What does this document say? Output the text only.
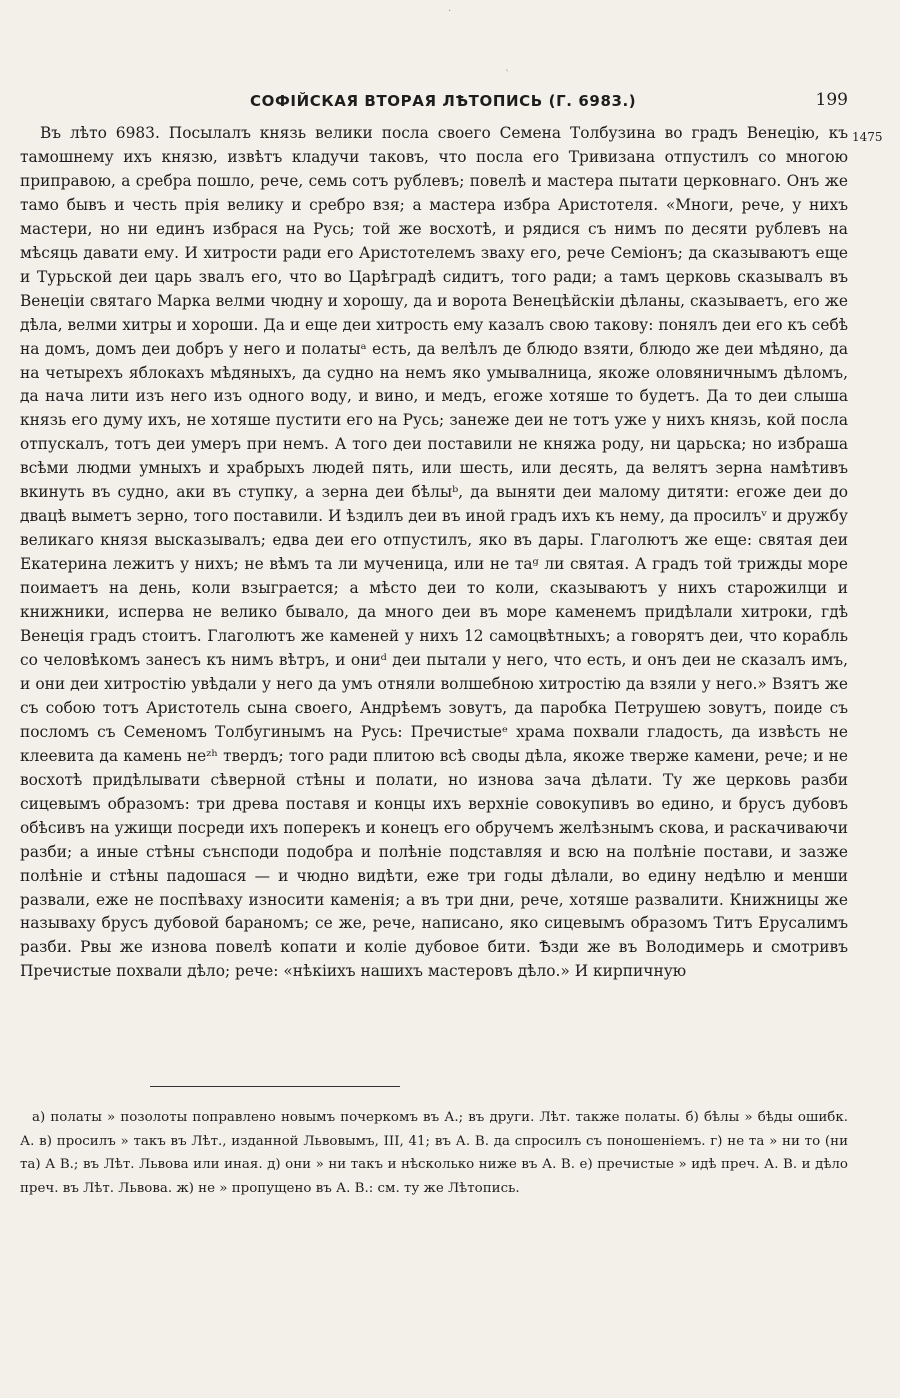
·
ˋ
СОФІЙСКАЯ ВТОРАЯ ЛѢТОПИСЬ (Г. 6983.)	199
1475

Въ лѣто 6983. Посылалъ князь велики посла своего Семена Толбузина во градъ Венецію, къ тамошнему ихъ князю, извѣтъ кладучи таковъ, что посла его Тривизана отпустилъ со многою приправою, а сребра пошло, рече, семь сотъ рублевъ; повелѣ и мастера пытати церковнаго. Онъ же тамо бывъ и честь прія велику и сребро взя; а мастера избра Аристотеля. «Многи, рече, у нихъ мастери, но ни единъ избрася на Русь; той же восхотѣ, и рядися съ нимъ по десяти рублевъ на мѣсяць давати ему. И хитрости ради его Аристотелемъ зваху его, рече Семіонъ; да сказываютъ еще и Турьской деи царь звалъ его, что во Царѣградѣ сидитъ, того ради; а тамъ церковь сказывалъ въ Венеціи святаго Марка велми чюдну и хорошу, да и ворота Венецѣйскіи дѣланы, сказываетъ, его же дѣла, велми хитры и хороши. Да и еще деи хитрость ему казалъ свою такову: понялъ деи его къ себѣ на домъ, домъ деи добръ у него и полатыᵃ есть, да велѣлъ де блюдо взяти, блюдо же деи мѣдяно, да на четырехъ яблокахъ мѣдяныхъ, да судно на немъ яко умывалница, якоже оловяничнымъ дѣломъ, да нача лити изъ него изъ одного воду, и вино, и медъ, егоже хотяше то будетъ. Да то деи слыша князь его думу ихъ, не хотяше пустити его на Русь; занеже деи не тотъ уже у нихъ князь, кой посла отпускалъ, тотъ деи умеръ при немъ. А того деи поставили не княжа роду, ни царьска; но избраша всѣми людми умныхъ и храбрыхъ людей пять, или шесть, или десять, да велятъ зерна намѣтивъ вкинуть въ судно, аки въ ступку, а зерна деи бѣлыᵇ, да выняти деи малому дитяти: егоже деи до двацѣ выметъ зерно, того поставили. И ѣздилъ деи въ иной градъ ихъ къ нему, да просилъᵛ и дружбу великаго князя высказывалъ; едва деи его отпустилъ, яко въ дары. Глаголютъ же еще: святая деи Екатерина лежитъ у нихъ; не вѣмъ та ли мученица, или не таᵍ ли святая. А градъ той трижды море поимаетъ на день, коли взыграется; а мѣсто деи то коли, сказываютъ у нихъ старожилци и книжники, исперва не велико бывало, да много деи въ море каменемъ придѣлали хитроки, гдѣ Венеція градъ стоитъ. Глаголютъ же каменей у нихъ 12 самоцвѣтныхъ; а говорятъ деи, что корабль со человѣкомъ занесъ къ нимъ вѣтръ, и ониᵈ деи пытали у него, что есть, и онъ деи не сказалъ имъ, и они деи хитростію увѣдали у него да умъ отняли волшебною хитростію да взяли у него.» Взятъ же съ собою тотъ Аристотель сына своего, Андрѣемъ зовутъ, да паробка Петрушею зовутъ, поиде съ посломъ съ Семеномъ Толбугинымъ на Русь: Пречистыеᵉ храма похвали гладость, да извѣсть не клеевита да камень неᶻʰ твердъ; того ради плитою всѣ своды дѣла, якоже тверже камени, рече; и не восхотѣ придѣлывати сѣверной стѣны и полати, но изнова зача дѣлати. Ту же церковь разби сицевымъ образомъ: три древа поставя и концы ихъ верхніе совокупивъ во едино, и брусъ дубовъ обѣсивъ на ужищи посреди ихъ поперекъ и конецъ его обручемъ желѣзнымъ скова, и раскачиваючи разби; а иные стѣны сънсподи подобра и полѣніе подставляя и всю на полѣніе постави, и зазже полѣніе и стѣны падошася — и чюдно видѣти, еже три годы дѣлали, во едину недѣлю и менши развали, еже не поспѣваху износити каменія; а въ три дни, рече, хотяше развалити. Книжницы же называху брусъ дубовой бараномъ; се же, рече, написано, яко сицевымъ образомъ Титъ Ерусалимъ разби. Рвы же изнова повелѣ копати и коліе дубовое бити. Ѣзди же въ Володимерь и смотривъ Пречистые похвали дѣло; рече: «нѣкіихъ нашихъ мастеровъ дѣло.» И кирпичную

а) полаты » позолоты поправлено новымъ почеркомъ въ А.; въ други. Лѣт. также полаты. б) бѣлы » бѣды ошибк. А. в) просилъ » такъ въ Лѣт., изданной Львовымъ, III, 41; въ А. В. да спросилъ съ поношеніемъ. г) не та » ни то (ни та) А В.; въ Лѣт. Львова или иная. д) они » ни такъ и нѣсколько ниже въ А. В. е) пречистые » идѣ преч. А. В. и дѣло преч. въ Лѣт. Львова. ж) не » пропущено въ А. В.: см. ту же Лѣтопись.
